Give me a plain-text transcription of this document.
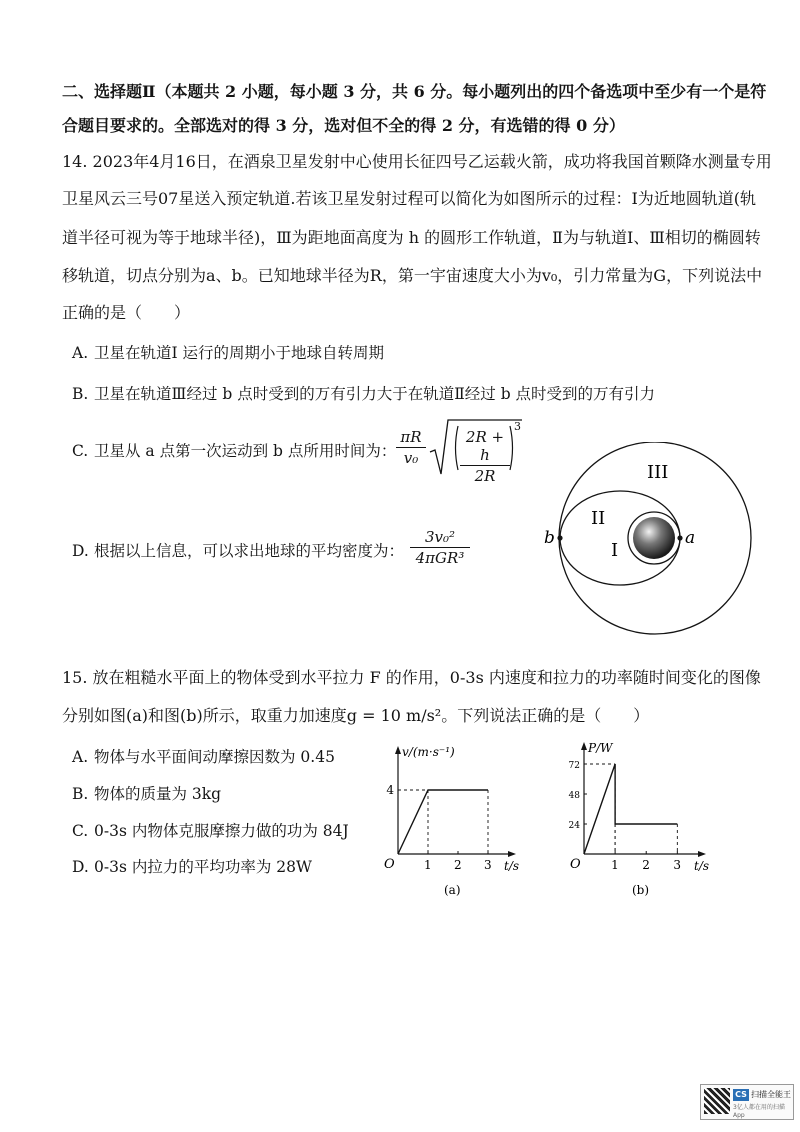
二、选择题Ⅱ（本题共 2 小题，每小题 3 分，共 6 分。每小题列出的四个备选项中至少有一个是符
合题目要求的。全部选对的得 3 分，选对但不全的得 2 分，有选错的得 0 分）
14. 2023年4月16日，在酒泉卫星发射中心使用长征四号乙运载火箭，成功将我国首颗降水测量专用
卫星风云三号07星送入预定轨道.若该卫星发射过程可以简化为如图所示的过程：Ⅰ为近地圆轨道(轨
道半径可视为等于地球半径)，Ⅲ为距地面高度为 h 的圆形工作轨道，Ⅱ为与轨道Ⅰ、Ⅲ相切的椭圆转
移轨道，切点分别为a、b。已知地球半径为R，第一宇宙速度大小为v₀，引力常量为G，下列说法中
正确的是（　　）
A. 卫星在轨道Ⅰ 运行的周期小于地球自转周期
B. 卫星在轨道Ⅲ经过 b 点时受到的万有引力大于在轨道Ⅱ经过 b 点时受到的万有引力
C. 卫星从 a 点第一次运动到 b 点所用时间为：
πR
v₀
2R + h
2R
3
D. 根据以上信息，可以求出地球的平均密度为：
3v₀²
4πGR³
III
II
I
a
b
15. 放在粗糙水平面上的物体受到水平拉力 F 的作用，0-3s 内速度和拉力的功率随时间变化的图像
分别如图(a)和图(b)所示，取重力加速度g = 10 m/s²。下列说法正确的是（　　）
A. 物体与水平面间动摩擦因数为 0.45
B. 物体的质量为 3kg
C. 0-3s 内物体克服摩擦力做的功为 84J
D. 0-3s 内拉力的平均功率为 28W	O	t/s
v/(m·s⁻¹)
(a)
1 2 3
4
O	t/s
P/W
(b)
1 2 3
24
48
72
CS 扫描全能王
3亿人都在用的扫描App
